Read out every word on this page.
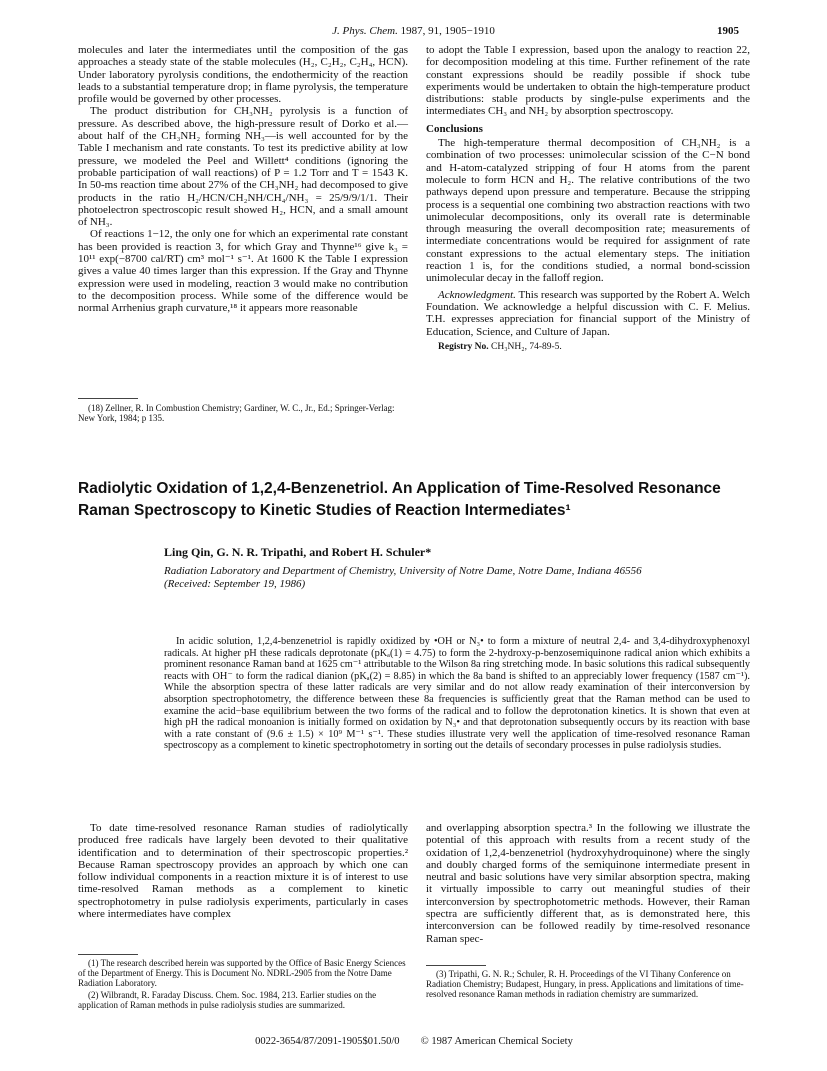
J. Phys. Chem. 1987, 91, 1905−1910	1905

molecules and later the intermediates until the composition of the gas approaches a steady state of the stable molecules (H₂, C₂H₂, C₂H₄, HCN). Under laboratory pyrolysis conditions, the endothermicity of the reaction leads to a substantial temperature drop; in flame pyrolysis, the temperature profile would be governed by other processes.

The product distribution for CH₃NH₂ pyrolysis is a function of pressure. As described above, the high-pressure result of Dorko et al.—about half of the CH₃NH₂ forming NH₃—is well accounted for by the Table I mechanism and rate constants. To test its predictive ability at low pressure, we modeled the Peel and Willett⁴ conditions (ignoring the probable participation of wall reactions) of P = 1.2 Torr and T = 1543 K. In 50-ms reaction time about 27% of the CH₃NH₂ had decomposed to give products in the ratio H₂/HCN/CH₂NH/CH₄/NH₃ = 25/9/9/1/1. Their photoelectron spectroscopic result showed H₂, HCN, and a small amount of NH₃.

Of reactions 1−12, the only one for which an experimental rate constant has been provided is reaction 3, for which Gray and Thynne¹⁶ give k₃ = 10¹¹ exp(−8700 cal/RT) cm³ mol⁻¹ s⁻¹. At 1600 K the Table I expression gives a value 40 times larger than this expression. If the Gray and Thynne expression were used in modeling, reaction 3 would make no contribution to the decomposition process. While some of the difference would be normal Arrhenius graph curvature,¹⁸ it appears more reasonable

(18) Zellner, R. In Combustion Chemistry; Gardiner, W. C., Jr., Ed.; Springer-Verlag: New York, 1984; p 135.

to adopt the Table I expression, based upon the analogy to reaction 22, for decomposition modeling at this time. Further refinement of the rate constant expressions should be readily possible if shock tube experiments would be undertaken to obtain the high-temperature product distributions: stable products by single-pulse experiments and the intermediates CH₃ and NH₂ by absorption spectroscopy.

Conclusions

The high-temperature thermal decomposition of CH₃NH₂ is a combination of two processes: unimolecular scission of the C−N bond and H-atom-catalyzed stripping of four H atoms from the parent molecule to form HCN and H₂. The relative contributions of the two pathways depend upon pressure and temperature. Because the stripping process is a sequential one combining two abstraction reactions with two unimolecular decompositions, only its overall rate is determinable through measuring the overall decomposition rate; measurements of intermediate concentrations would be required for assignment of rate constant expressions to the actual elementary steps. The initiation reaction 1 is, for the conditions studied, a normal bond-scission unimolecular decay in the falloff region.

Acknowledgment. This research was supported by the Robert A. Welch Foundation. We acknowledge a helpful discussion with C. F. Melius. T.H. expresses appreciation for financial support of the Ministry of Education, Science, and Culture of Japan.

Registry No. CH₃NH₂, 74-89-5.

Radiolytic Oxidation of 1,2,4-Benzenetriol. An Application of Time-Resolved Resonance Raman Spectroscopy to Kinetic Studies of Reaction Intermediates¹
Ling Qin, G. N. R. Tripathi, and Robert H. Schuler*
Radiation Laboratory and Department of Chemistry, University of Notre Dame, Notre Dame, Indiana 46556
(Received: September 19, 1986)
In acidic solution, 1,2,4-benzenetriol is rapidly oxidized by •OH or N₃• to form a mixture of neutral 2,4- and 3,4-dihydroxyphenoxyl radicals. At higher pH these radicals deprotonate (pKₐ(1) = 4.75) to form the 2-hydroxy-p-benzosemiquinone radical anion which exhibits a prominent resonance Raman band at 1625 cm⁻¹ attributable to the Wilson 8a ring stretching mode. In basic solutions this radical subsequently reacts with OH⁻ to form the radical dianion (pKₐ(2) = 8.85) in which the 8a band is shifted to an appreciably lower frequency (1587 cm⁻¹). While the absorption spectra of these latter radicals are very similar and do not allow ready examination of their interconversion by absorption spectrophotometry, the difference between these 8a frequencies is sufficiently great that the Raman method can be used to examine the acid−base equilibrium between the two forms of the radical and to follow the deprotonation kinetics. It is shown that even at high pH the radical monoanion is initially formed on oxidation by N₃• and that deprotonation subsequently occurs by its reaction with base with a rate constant of (9.6 ± 1.5) × 10⁹ M⁻¹ s⁻¹. These studies illustrate very well the application of time-resolved resonance Raman spectroscopy as a complement to kinetic spectrophotometry in sorting out the details of secondary processes in pulse radiolysis studies.

To date time-resolved resonance Raman studies of radiolytically produced free radicals have largely been devoted to their qualitative identification and to determination of their spectroscopic properties.² Because Raman spectroscopy provides an approach by which one can follow individual components in a reaction mixture it is of interest to use time-resolved Raman methods as a complement to kinetic spectrophotometry in pulse radiolysis experiments, particularly in cases where intermediates have complex

and overlapping absorption spectra.³ In the following we illustrate the potential of this approach with results from a recent study of the oxidation of 1,2,4-benzenetriol (hydroxyhydroquinone) where the singly and doubly charged forms of the semiquinone intermediate present in neutral and basic solutions have very similar absorption spectra, making it virtually impossible to carry out meaningful studies of their interconversion by spectrophotometric methods. However, their Raman spectra are sufficiently different that, as is demonstrated here, this interconversion can be followed readily by time-resolved resonance Raman spec-

(1) The research described herein was supported by the Office of Basic Energy Sciences of the Department of Energy. This is Document No. NDRL-2905 from the Notre Dame Radiation Laboratory.

(2) Wilbrandt, R. Faraday Discuss. Chem. Soc. 1984, 213. Earlier studies on the application of Raman methods in pulse radiolysis studies are summarized.

(3) Tripathi, G. N. R.; Schuler, R. H. Proceedings of the VI Tihany Conference on Radiation Chemistry; Budapest, Hungary, in press. Applications and limitations of time-resolved resonance Raman methods in radiation chemistry are summarized.

0022-3654/87/2091-1905$01.50/0 © 1987 American Chemical Society
